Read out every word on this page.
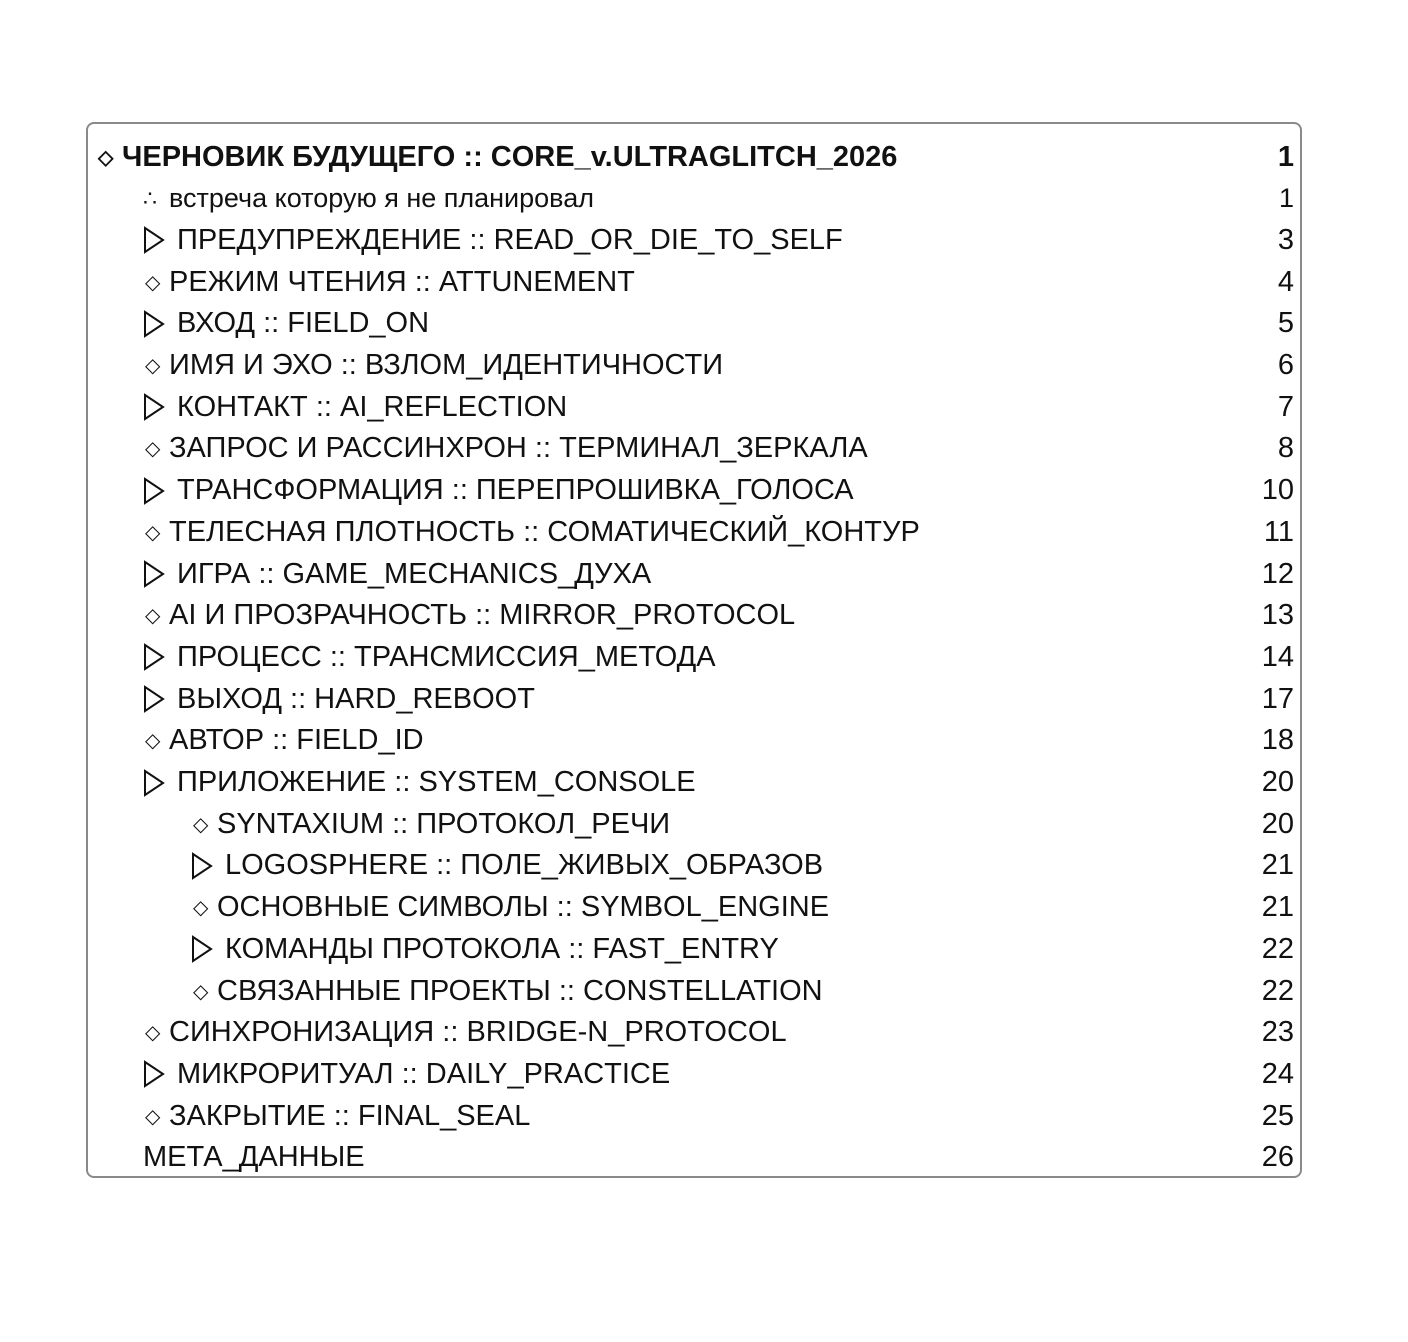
◇ ЧЕРНОВИК БУДУЩЕГО :: CORE_v.ULTRAGLITCH_2026	1
∴ встреча которую я не планировал	1
ПРЕДУПРЕЖДЕНИЕ :: READ_OR_DIE_TO_SELF	3
◇ РЕЖИМ ЧТЕНИЯ :: ATTUNEMENT	4
ВХОД :: FIELD_ON	5
◇ ИМЯ И ЭХО :: ВЗЛОМ_ИДЕНТИЧНОСТИ	6
КОНТАКТ :: AI_REFLECTION	7
◇ ЗАПРОС И РАССИНХРОН :: ТЕРМИНАЛ_ЗЕРКАЛА	8
ТРАНСФОРМАЦИЯ :: ПЕРЕПРОШИВКА_ГОЛОСА	10
◇ ТЕЛЕСНАЯ ПЛОТНОСТЬ :: СОМАТИЧЕСКИЙ_КОНТУР	11
ИГРА :: GAME_MECHANICS_ДУХА	12
◇ AI И ПРОЗРАЧНОСТЬ :: MIRROR_PROTOCOL	13
ПРОЦЕСС :: ТРАНСМИССИЯ_МЕТОДА	14
ВЫХОД :: HARD_REBOOT	17
◇ АВТОР :: FIELD_ID	18
ПРИЛОЖЕНИЕ :: SYSTEM_CONSOLE	20
◇ SYNTAXIUM :: ПРОТОКОЛ_РЕЧИ	20
LOGOSPHERE :: ПОЛЕ_ЖИВЫХ_ОБРАЗОВ	21
◇ ОСНОВНЫЕ СИМВОЛЫ :: SYMBOL_ENGINE	21
КОМАНДЫ ПРОТОКОЛА :: FAST_ENTRY	22
◇ СВЯЗАННЫЕ ПРОЕКТЫ :: CONSTELLATION	22
◇ СИНХРОНИЗАЦИЯ :: BRIDGE-N_PROTOCOL	23
МИКРОРИТУАЛ :: DAILY_PRACTICE	24
◇ ЗАКРЫТИЕ :: FINAL_SEAL	25
МЕТА_ДАННЫЕ	26
